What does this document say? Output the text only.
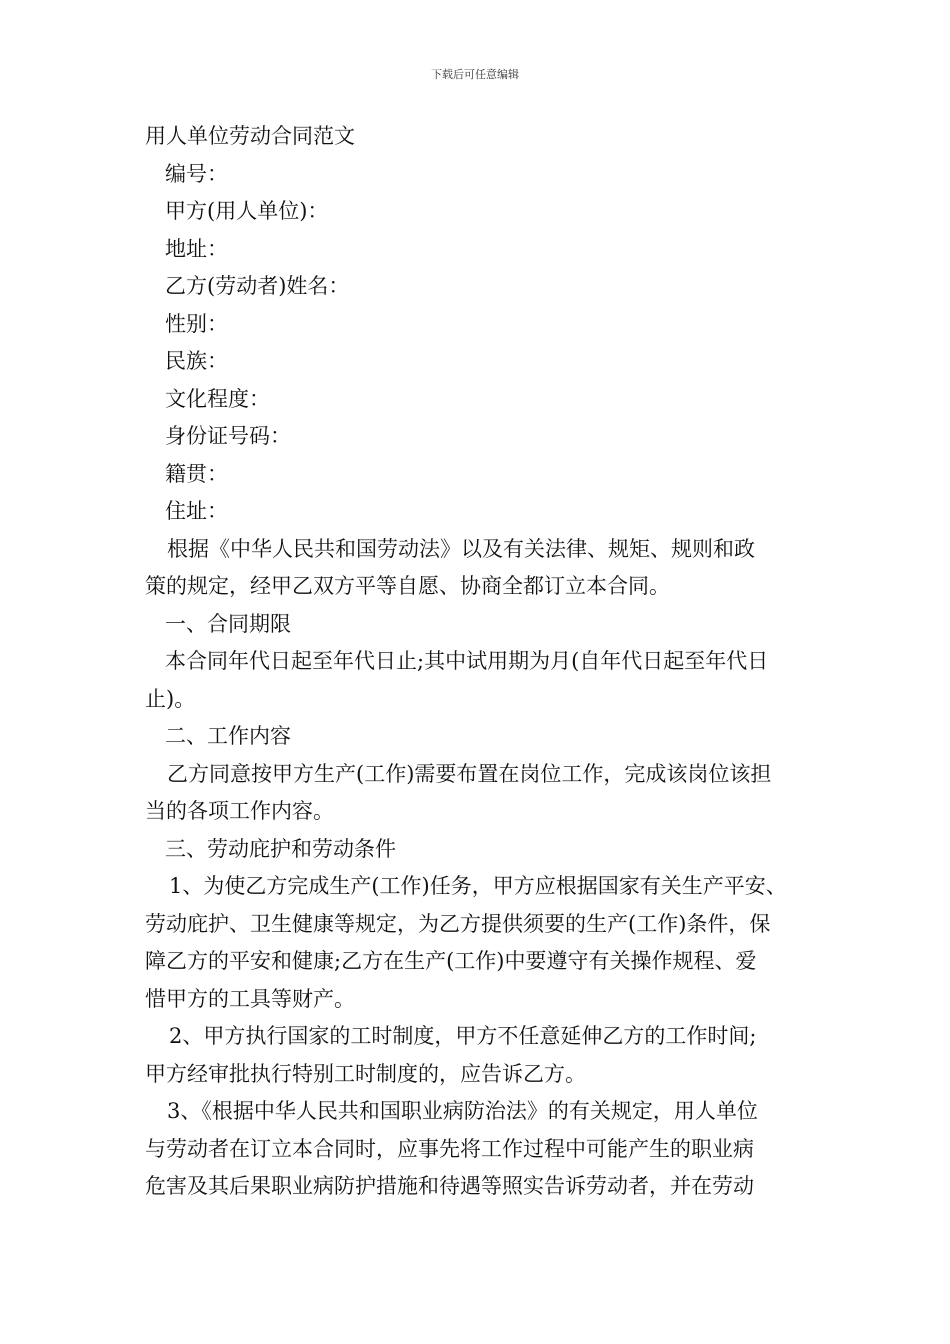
下载后可任意编辑
用人单位劳动合同范文
编号：
甲方(用人单位)：
地址：
乙方(劳动者)姓名：
性别：
民族：
文化程度：
身份证号码：
籍贯：
住址：
根据《中华人民共和国劳动法》以及有关法律、规矩、规则和政
策的规定，经甲乙双方平等自愿、协商全都订立本合同。
一、合同期限
本合同年代日起至年代日止;其中试用期为月(自年代日起至年代日
止)。
二、工作内容
乙方同意按甲方生产(工作)需要布置在岗位工作，完成该岗位该担
当的各项工作内容。
三、劳动庇护和劳动条件
1、为使乙方完成生产(工作)任务，甲方应根据国家有关生产平安、
劳动庇护、卫生健康等规定，为乙方提供须要的生产(工作)条件，保
障乙方的平安和健康;乙方在生产(工作)中要遵守有关操作规程、爱
惜甲方的工具等财产。
2、甲方执行国家的工时制度，甲方不任意延伸乙方的工作时间;
甲方经审批执行特别工时制度的，应告诉乙方。
3、《根据中华人民共和国职业病防治法》的有关规定，用人单位
与劳动者在订立本合同时，应事先将工作过程中可能产生的职业病
危害及其后果职业病防护措施和待遇等照实告诉劳动者，并在劳动
